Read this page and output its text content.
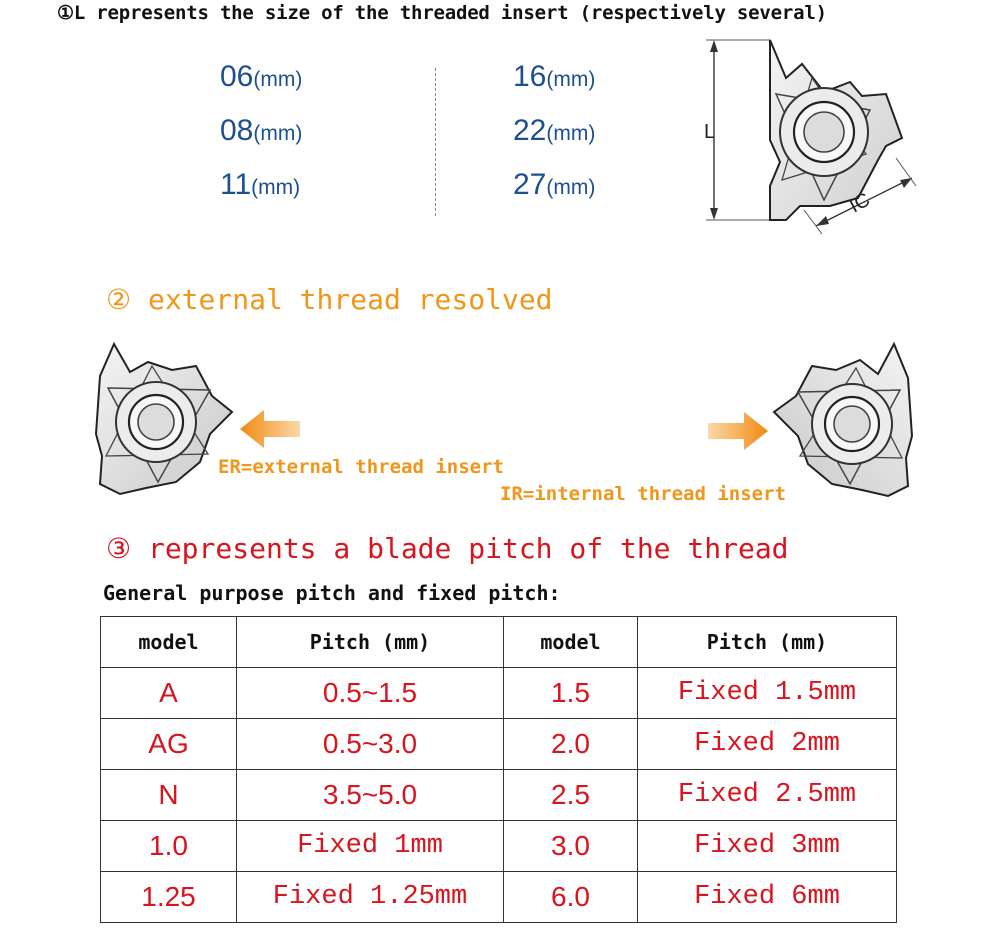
①L represents the size of the threaded insert (respectively several)
06(mm)
08(mm)
11(mm)
16(mm)
22(mm)
27(mm)
L
IC
② external thread resolved
ER=external thread insert
IR=internal thread insert
③ represents a blade pitch of the thread
General purpose pitch and fixed pitch:
model	Pitch (mm)	model	Pitch (mm)
A	0.5~1.5	1.5	Fixed 1.5mm
AG	0.5~3.0	2.0	Fixed 2mm
N	3.5~5.0	2.5	Fixed 2.5mm
1.0	Fixed 1mm	3.0	Fixed 3mm
1.25	Fixed 1.25mm	6.0	Fixed 6mm
